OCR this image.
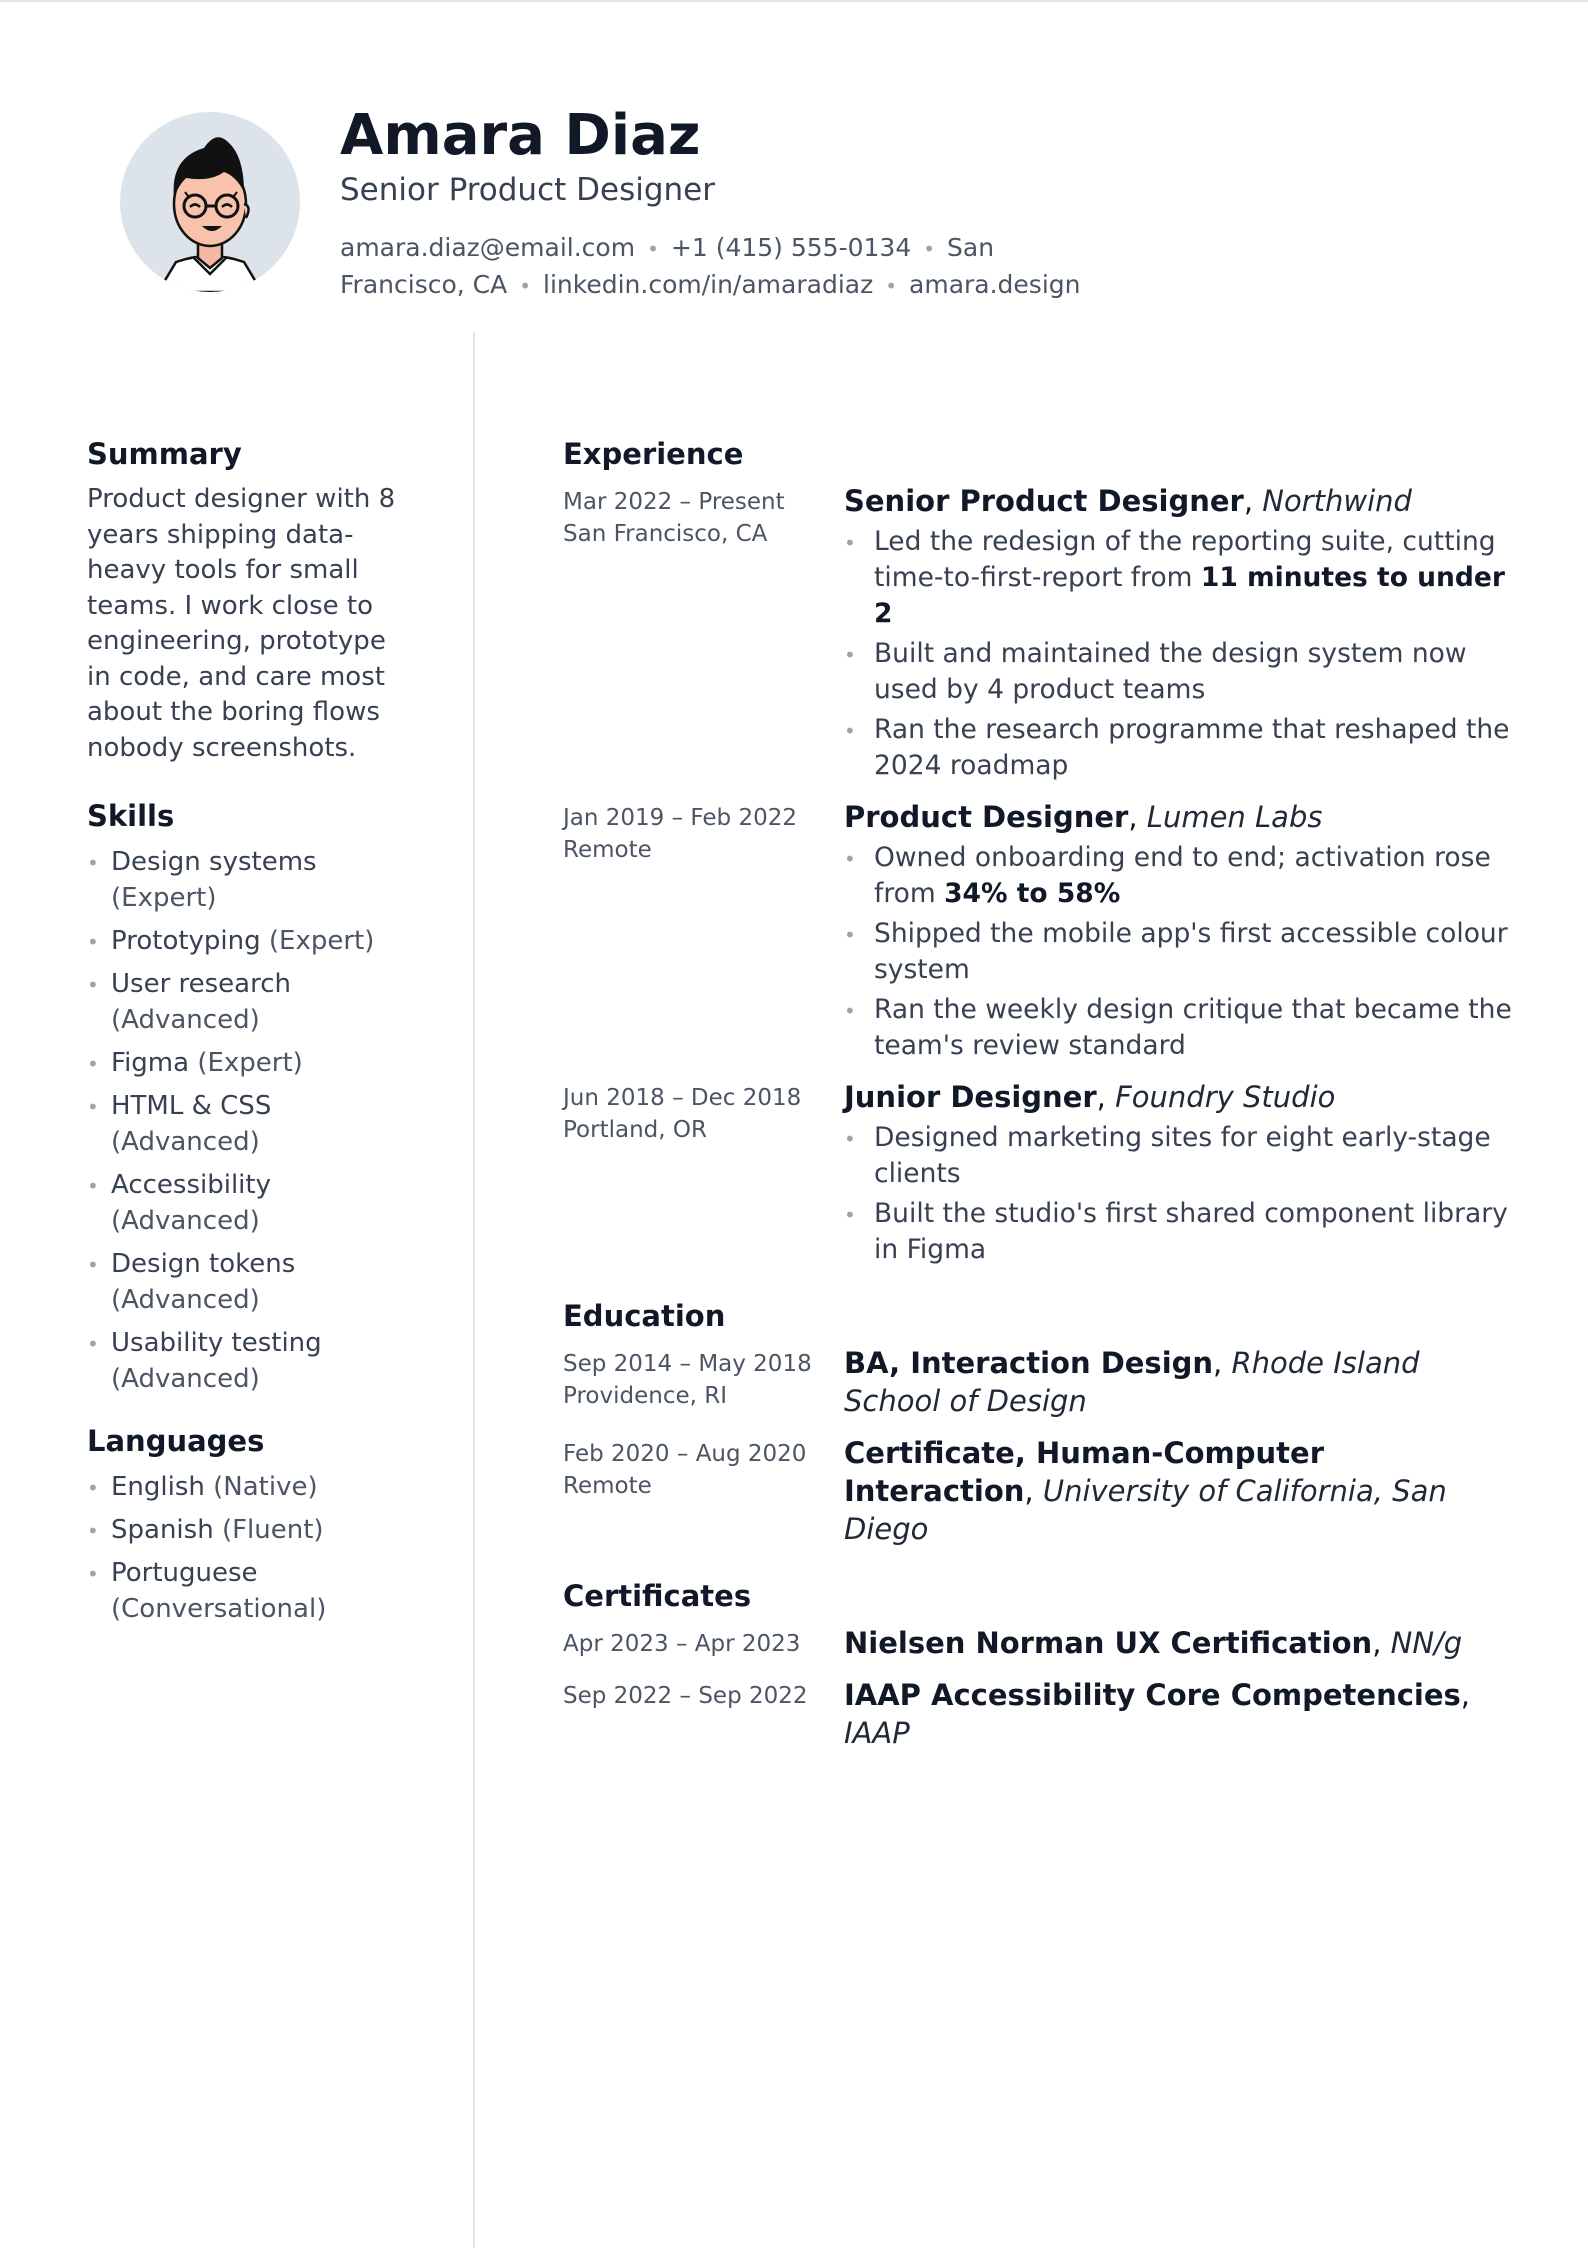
Amara Diaz
Senior Product Designer
amara.diaz@email.com • +1 (415) 555-0134 • San Francisco, CA • linkedin.com/in/amaradiaz • amara.design
Summary

Product designer with 8 years shipping data-heavy tools for small teams. I work close to engineering, prototype in code, and care most about the boring flows nobody screenshots.

Skills
• Design systems (Expert)
• Prototyping (Expert)
• User research (Advanced)
• Figma (Expert)
• HTML & CSS (Advanced)
• Accessibility (Advanced)
• Design tokens (Advanced)
• Usability testing (Advanced)
Languages
• English (Native)
• Spanish (Fluent)
• Portuguese (Conversational)
Experience
Mar 2022 – Present
San Francisco, CA
Senior Product Designer, Northwind
• Led the redesign of the reporting suite, cutting time-to-first-report from 11 minutes to under 2
• Built and maintained the design system now used by 4 product teams
• Ran the research programme that reshaped the 2024 roadmap
Jan 2019 – Feb 2022
Remote
Product Designer, Lumen Labs
• Owned onboarding end to end; activation rose from 34% to 58%
• Shipped the mobile app's first accessible colour system
• Ran the weekly design critique that became the team's review standard
Jun 2018 – Dec 2018
Portland, OR
Junior Designer, Foundry Studio
• Designed marketing sites for eight early-stage clients
• Built the studio's first shared component library in Figma
Education
Sep 2014 – May 2018
Providence, RI
BA, Interaction Design, Rhode Island School of Design
Feb 2020 – Aug 2020
Remote
Certificate, Human-Computer Interaction, University of California, San Diego
Certificates
Apr 2023 – Apr 2023	Nielsen Norman UX Certification, NN/g
Sep 2022 – Sep 2022	IAAP Accessibility Core Competencies, IAAP
